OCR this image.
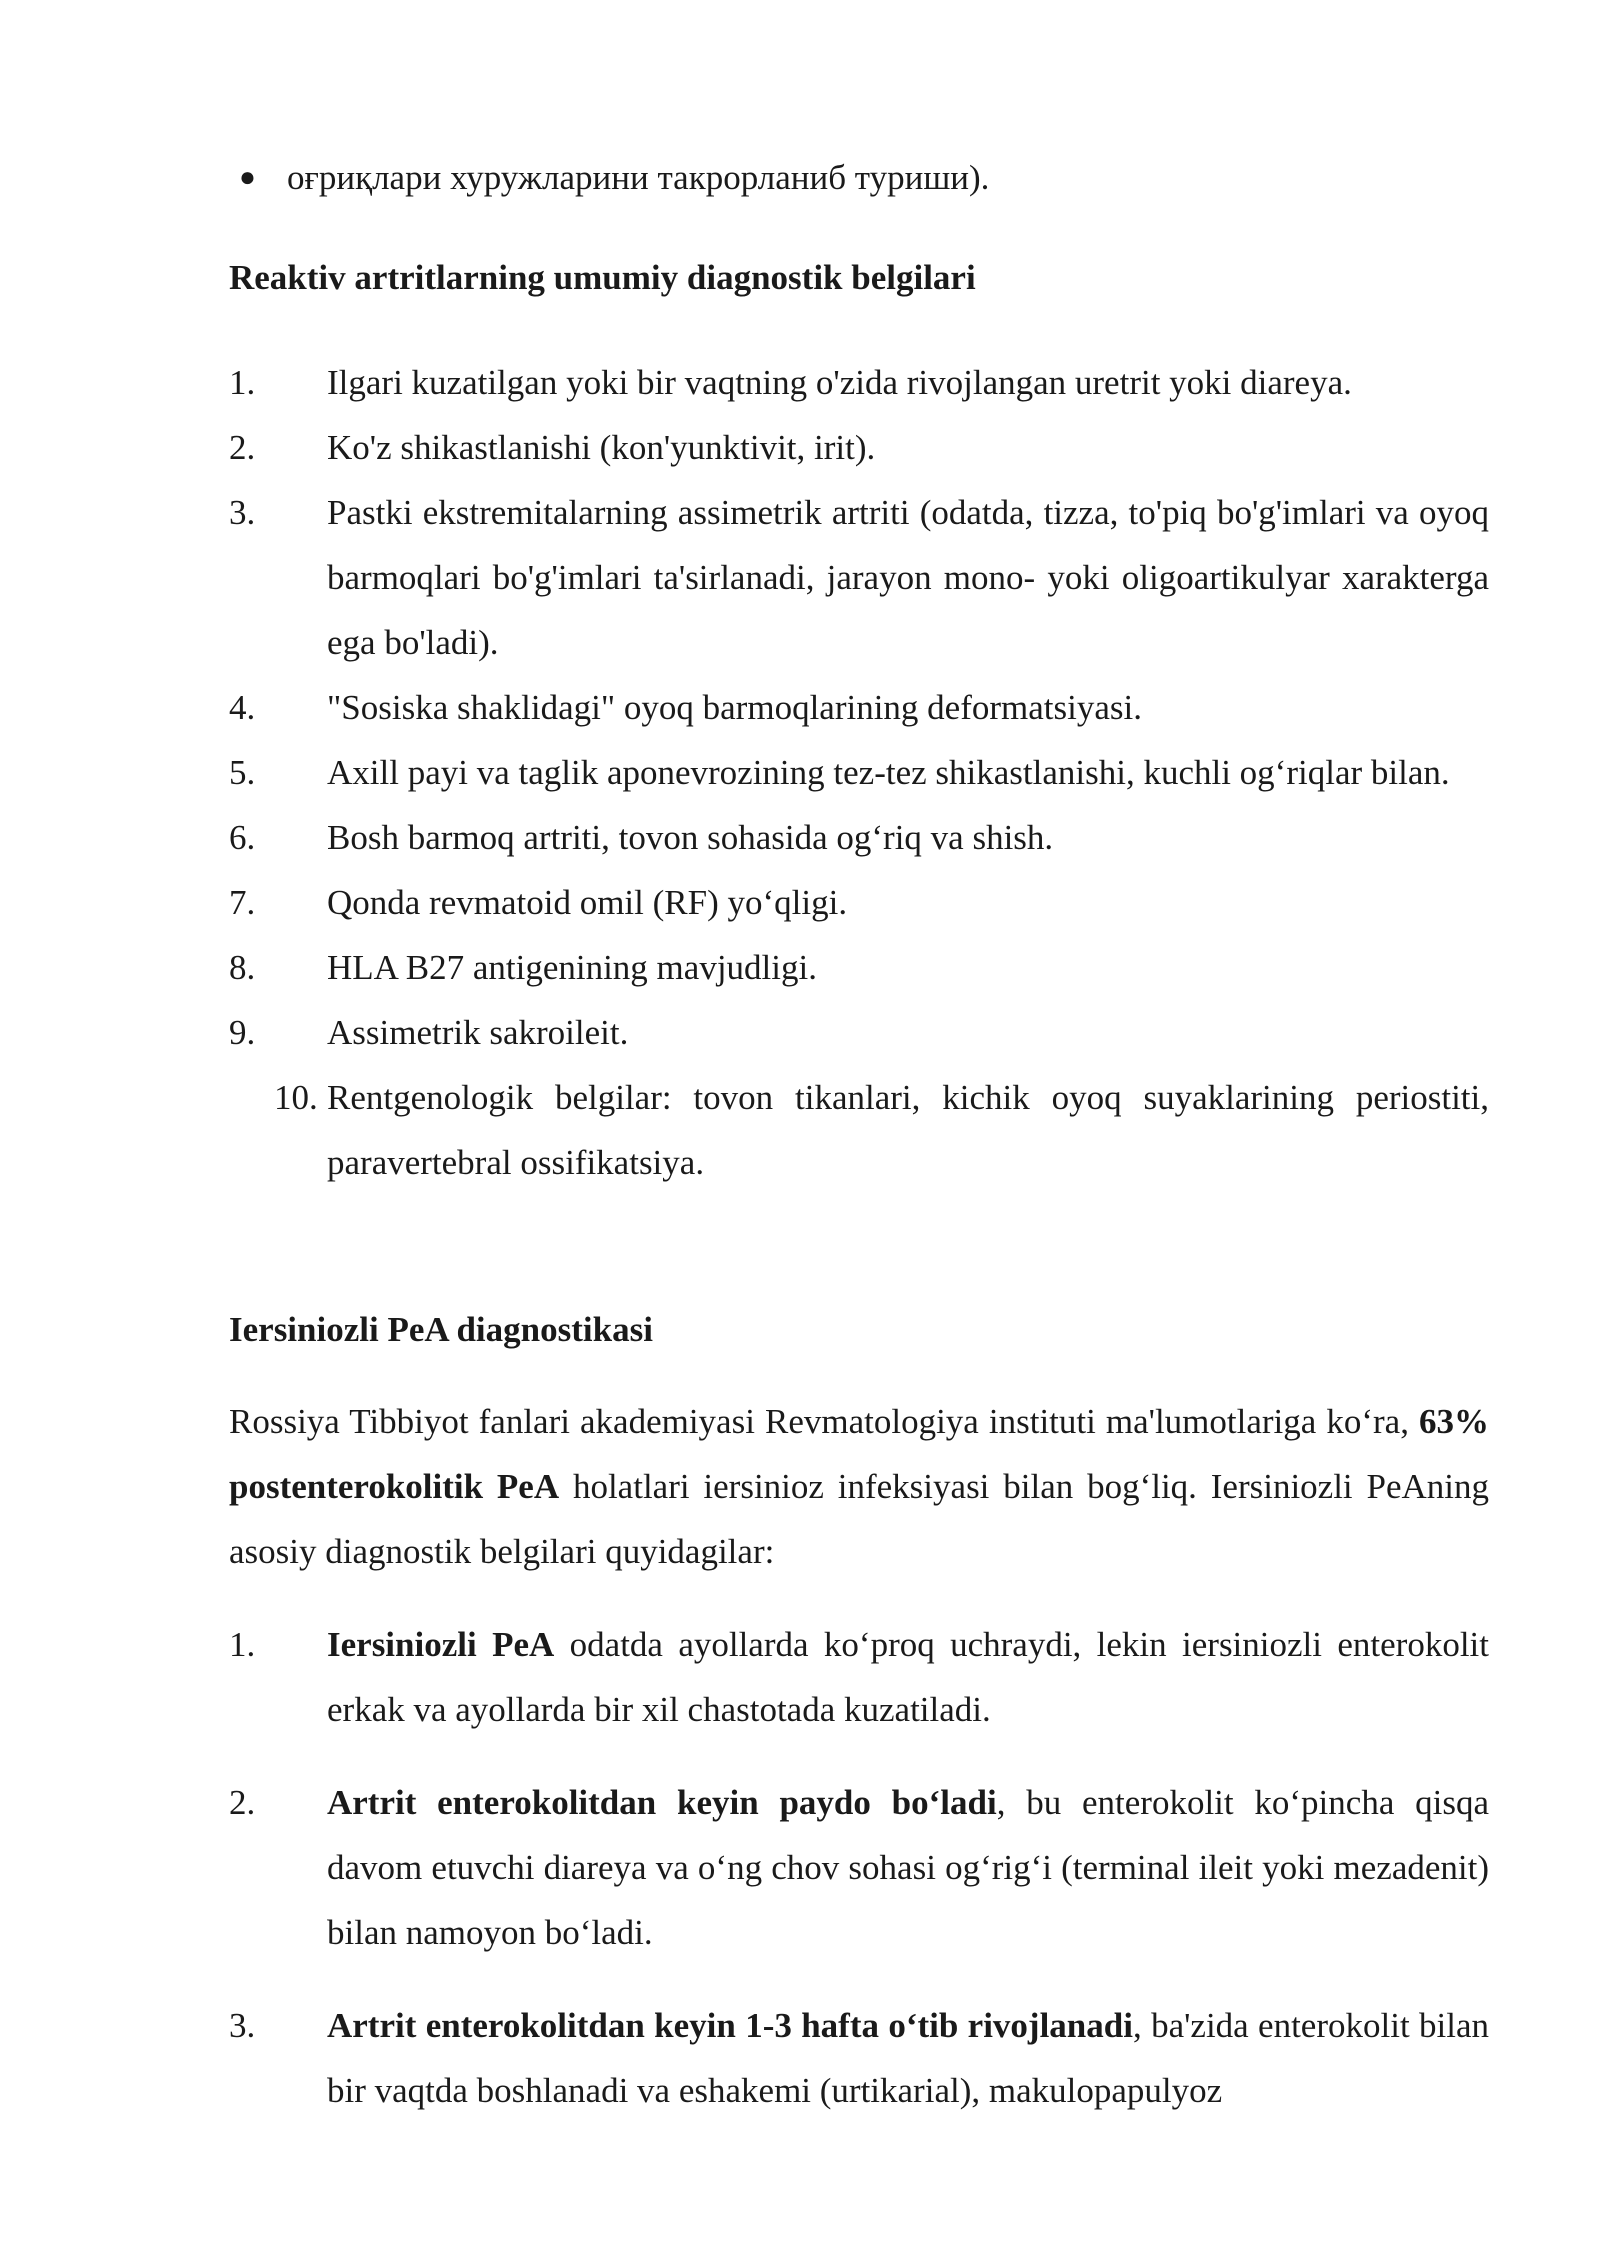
● оғриқлари хуружларини такрорланиб туриши).
Reaktiv artritlarning umumiy diagnostik belgilari
1.	Ilgari kuzatilgan yoki bir vaqtning o'zida rivojlangan uretrit yoki diareya.
2.	Ko'z shikastlanishi (kon'yunktivit, irit).
3.	Pastki ekstremitalarning assimetrik artriti (odatda, tizza, to'piq bo'g'imlari va oyoq barmoqlari bo'g'imlari ta'sirlanadi, jarayon mono- yoki oligoartikulyar xarakterga ega bo'ladi).
4.	"Sosiska shaklidagi" oyoq barmoqlarining deformatsiyasi.
5.	Axill payi va taglik aponevrozining tez-tez shikastlanishi, kuchli og‘riqlar bilan.
6.	Bosh barmoq artriti, tovon sohasida og‘riq va shish.
7.	Qonda revmatoid omil (RF) yo‘qligi.
8.	HLA B27 antigenining mavjudligi.
9.	Assimetrik sakroileit.
10. Rentgenologik belgilar: tovon tikanlari, kichik oyoq suyaklarining periostiti, paravertebral ossifikatsiya.
Iersiniozli PeA diagnostikasi
Rossiya Tibbiyot fanlari akademiyasi Revmatologiya instituti ma'lumotlariga ko‘ra, 63% postenterokolitik PeA holatlari iersinioz infeksiyasi bilan bog‘liq. Iersiniozli PeAning asosiy diagnostik belgilari quyidagilar:
1.	Iersiniozli PeA odatda ayollarda ko‘proq uchraydi, lekin iersiniozli enterokolit erkak va ayollarda bir xil chastotada kuzatiladi.
2.	Artrit enterokolitdan keyin paydo bo‘ladi, bu enterokolit ko‘pincha qisqa davom etuvchi diareya va o‘ng chov sohasi og‘rig‘i (terminal ileit yoki mezadenit) bilan namoyon bo‘ladi.
3.	Artrit enterokolitdan keyin 1-3 hafta o‘tib rivojlanadi, ba'zida enterokolit bilan bir vaqtda boshlanadi va eshakemi (urtikarial), makulopapulyoz
